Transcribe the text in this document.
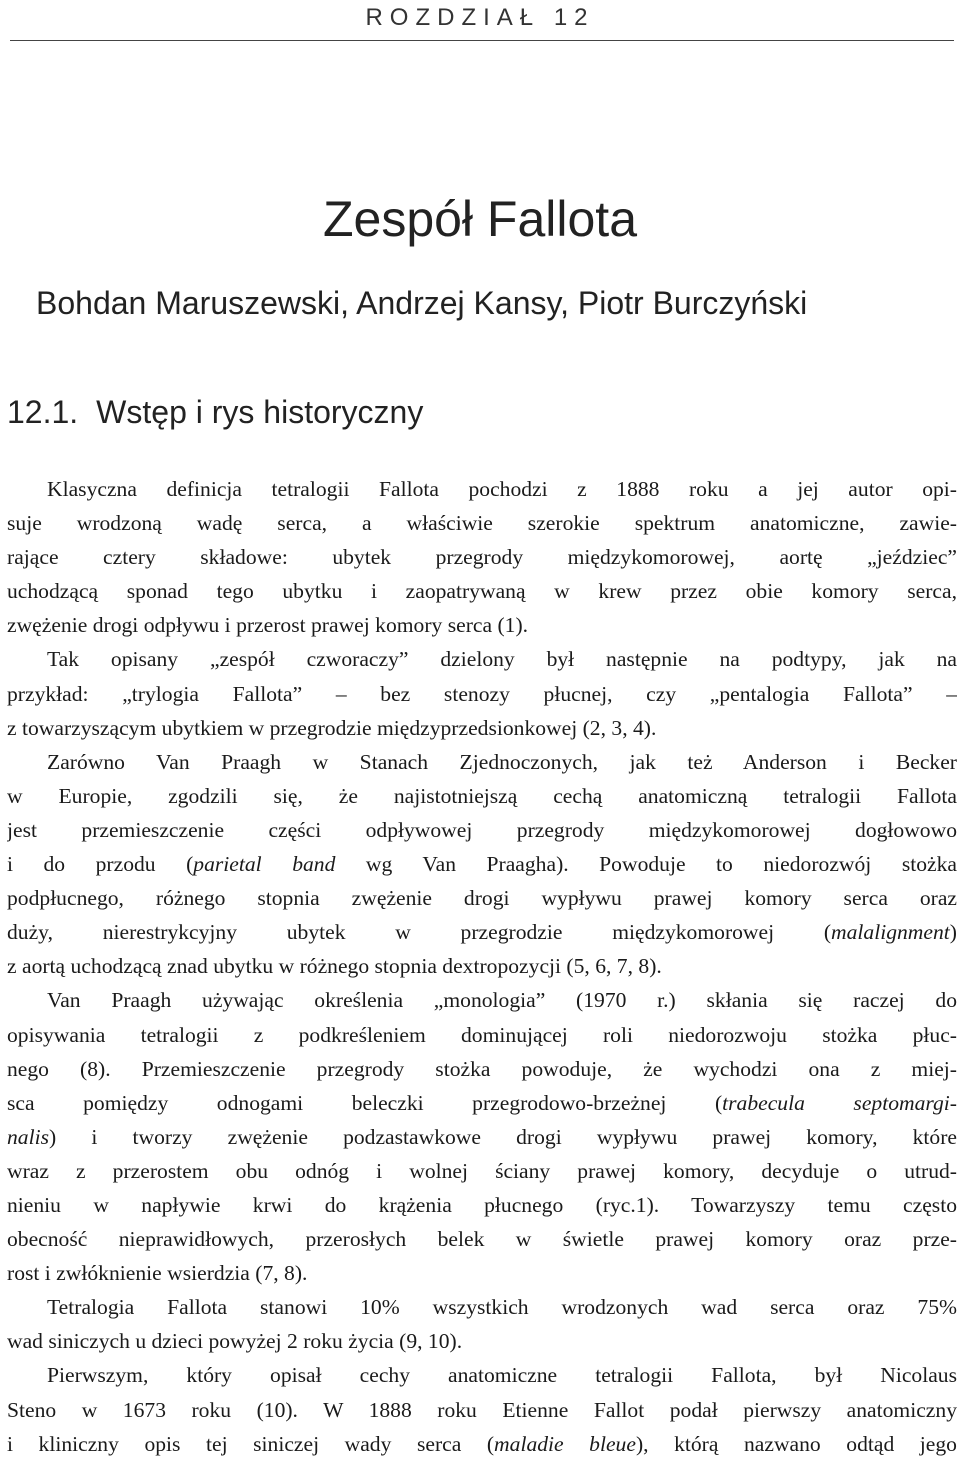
ROZDZIAŁ 12
Zespół Fallota
Bohdan Maruszewski, Andrzej Kansy, Piotr Burczyński
12.1. Wstęp i rys historyczny
Klasyczna definicja tetralogii Fallota pochodzi z 1888 roku a jej autor opi-
suje wrodzoną wadę serca, a właściwie szerokie spektrum anatomiczne, zawie-
rające cztery składowe: ubytek przegrody międzykomorowej, aortę „jeździec”
uchodzącą sponad tego ubytku i zaopatrywaną w krew przez obie komory serca,
zwężenie drogi odpływu i przerost prawej komory serca (1).
Tak opisany „zespół czworaczy” dzielony był następnie na podtypy, jak na
przykład: „trylogia Fallota” – bez stenozy płucnej, czy „pentalogia Fallota” –
z towarzyszącym ubytkiem w przegrodzie międzyprzedsionkowej (2, 3, 4).
Zarówno Van Praagh w Stanach Zjednoczonych, jak też Anderson i Becker
w Europie, zgodzili się, że najistotniejszą cechą anatomiczną tetralogii Fallota
jest przemieszczenie części odpływowej przegrody międzykomorowej dogłowowo
i do przodu (parietal band wg Van Praagha). Powoduje to niedorozwój stożka
podpłucnego, różnego stopnia zwężenie drogi wypływu prawej komory serca oraz
duży, nierestrykcyjny ubytek w przegrodzie międzykomorowej (malalignment)
z aortą uchodzącą znad ubytku w różnego stopnia dextropozycji (5, 6, 7, 8).
Van Praagh używając określenia „monologia” (1970 r.) skłania się raczej do
opisywania tetralogii z podkreśleniem dominującej roli niedorozwoju stożka płuc-
nego (8). Przemieszczenie przegrody stożka powoduje, że wychodzi ona z miej-
sca pomiędzy odnogami beleczki przegrodowo-brzeżnej (trabecula septomargi-
nalis) i tworzy zwężenie podzastawkowe drogi wypływu prawej komory, które
wraz z przerostem obu odnóg i wolnej ściany prawej komory, decyduje o utrud-
nieniu w napływie krwi do krążenia płucnego (ryc.1). Towarzyszy temu często
obecność nieprawidłowych, przerosłych belek w świetle prawej komory oraz prze-
rost i zwłóknienie wsierdzia (7, 8).
Tetralogia Fallota stanowi 10% wszystkich wrodzonych wad serca oraz 75%
wad siniczych u dzieci powyżej 2 roku życia (9, 10).
Pierwszym, który opisał cechy anatomiczne tetralogii Fallota, był Nicolaus
Steno w 1673 roku (10). W 1888 roku Etienne Fallot podał pierwszy anatomiczny
i kliniczny opis tej siniczej wady serca (maladie bleue), którą nazwano odtąd jego
